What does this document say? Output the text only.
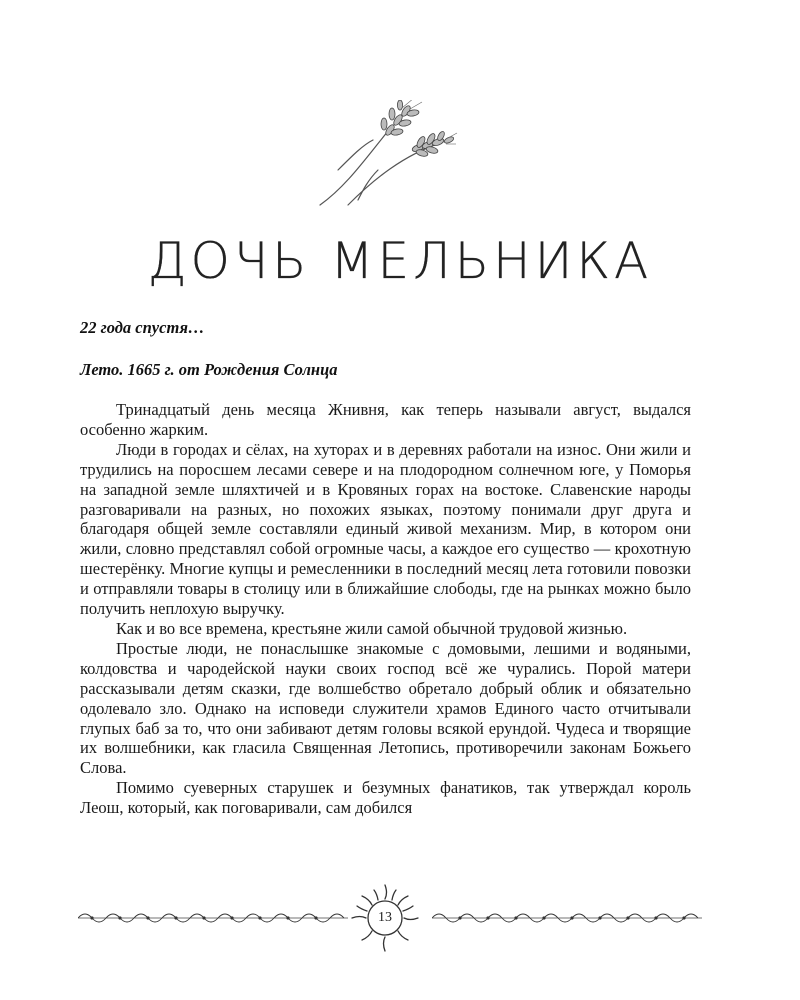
ДОЧЬ МЕЛЬНИКА
22 года спустя…
Лето. 1665 г. от Рождения Солнца

Тринадцатый день месяца Жнивня, как теперь называли август, выдался особенно жарким.

Люди в городах и сёлах, на хуторах и в деревнях работали на износ. Они жили и трудились на поросшем лесами севере и на плодородном солнечном юге, у Поморья на западной земле шляхтичей и в Кровяных горах на востоке. Славенские народы разговаривали на разных, но похожих языках, поэтому понимали друг друга и благодаря общей земле составляли единый живой механизм. Мир, в котором они жили, словно представлял собой огромные часы, а каждое его существо — крохотную шестерёнку. Многие купцы и ремесленники в последний месяц лета готовили повозки и отправляли товары в столицу или в ближайшие слободы, где на рынках можно было получить неплохую выручку.

Как и во все времена, крестьяне жили самой обычной трудовой жизнью.

Простые люди, не понаслышке знакомые с домовыми, лешими и водяными, колдовства и чародейской науки своих господ всё же чурались. Порой матери рассказывали детям сказки, где волшебство обретало добрый облик и обязательно одолевало зло. Однако на исповеди служители храмов Единого часто отчитывали глупых баб за то, что они забивают детям головы всякой ерундой. Чудеса и творящие их волшебники, как гласила Священная Летопись, противоречили законам Божьего Слова.

Помимо суеверных старушек и безумных фанатиков, так утверждал король Леош, который, как поговаривали, сам добился

13
